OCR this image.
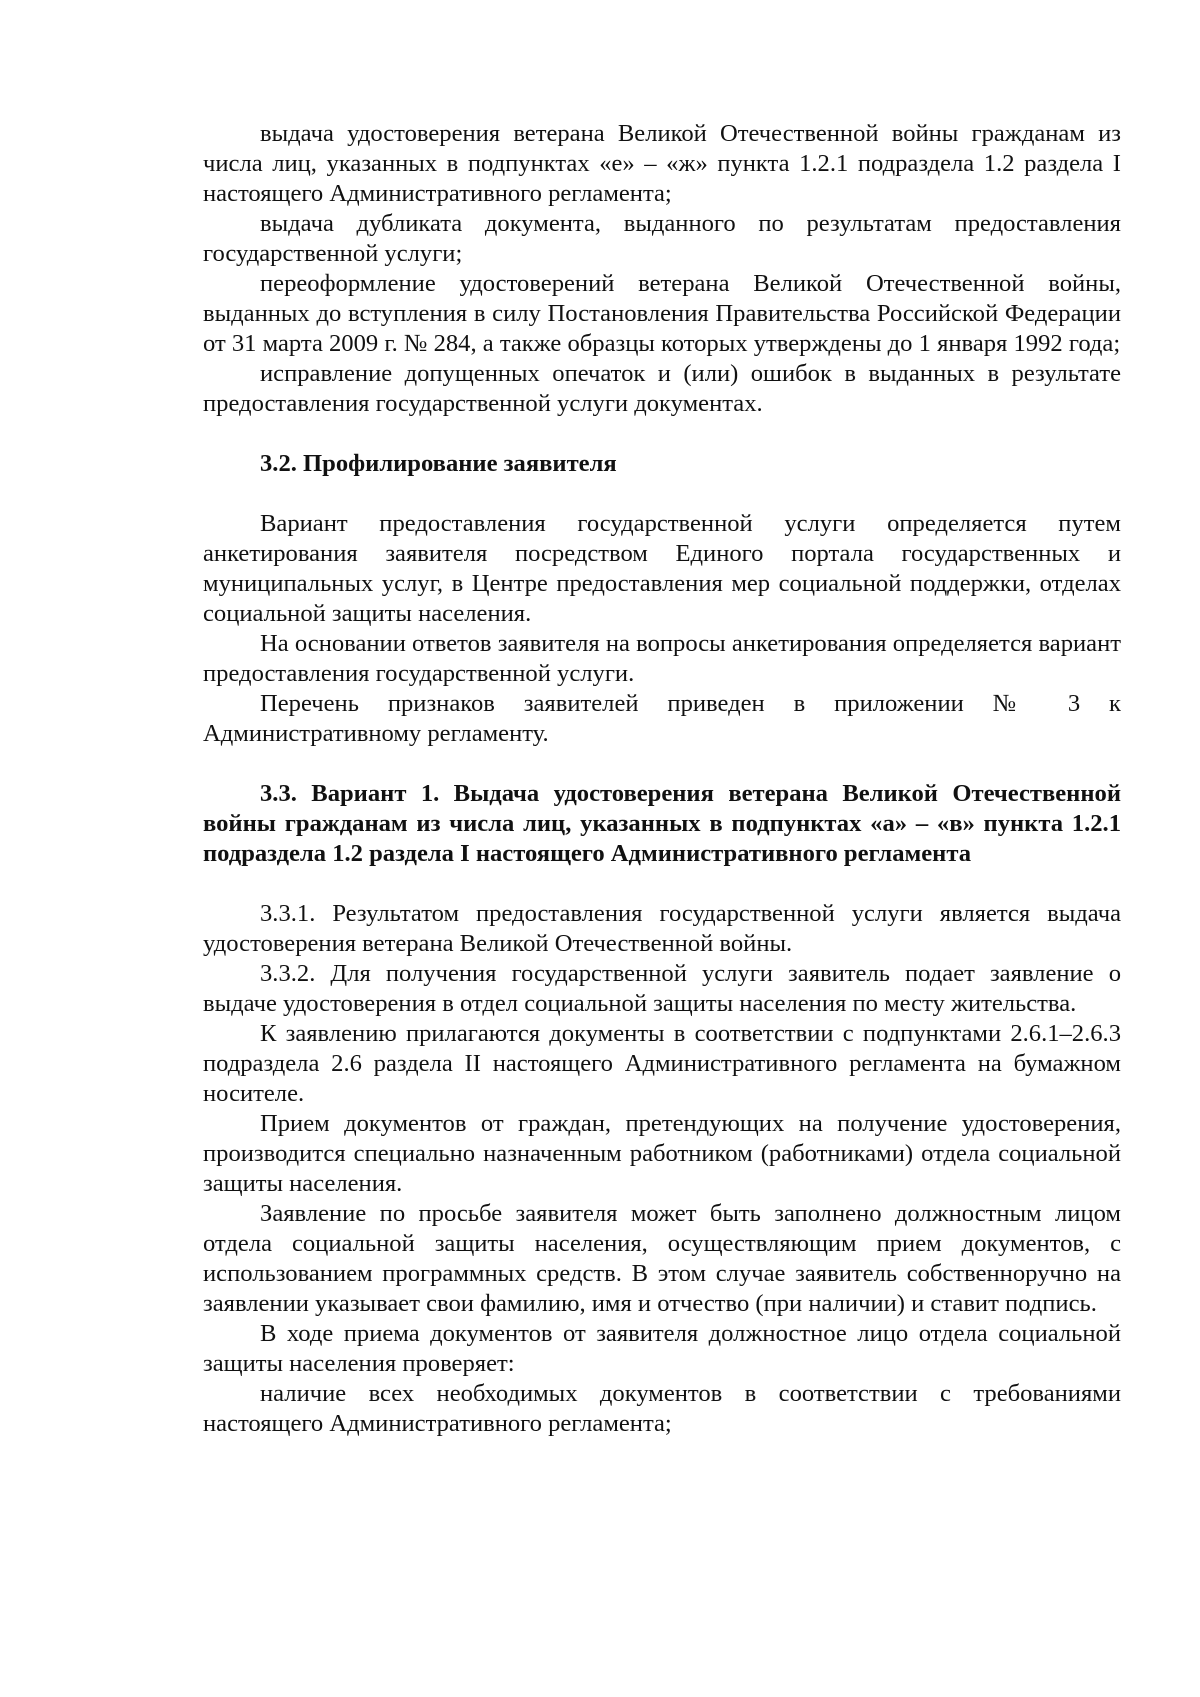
выдача удостоверения ветерана Великой Отечественной войны гражданам из числа лиц, указанных в подпунктах «е» – «ж» пункта 1.2.1 подраздела 1.2 раздела I настоящего Административного регламента;

выдача дубликата документа, выданного по результатам предоставления государственной услуги;

переоформление удостоверений ветерана Великой Отечественной войны, выданных до вступления в силу Постановления Правительства Российской Федерации от 31 марта 2009 г. № 284, а также образцы которых утверждены до 1 января 1992 года;

исправление допущенных опечаток и (или) ошибок в выданных в результате предоставления государственной услуги документах.

3.2. Профилирование заявителя

Вариант предоставления государственной услуги определяется путем анкетирования заявителя посредством Единого портала государственных и муниципальных услуг, в Центре предоставления мер социальной поддержки, отделах социальной защиты населения.

На основании ответов заявителя на вопросы анкетирования определяется вариант предоставления государственной услуги.

Перечень признаков заявителей приведен в приложении № 3 к Административному регламенту.

3.3. Вариант 1. Выдача удостоверения ветерана Великой Отечественной войны гражданам из числа лиц, указанных в подпунктах «а» – «в» пункта 1.2.1 подраздела 1.2 раздела I настоящего Административного регламента

3.3.1. Результатом предоставления государственной услуги является выдача удостоверения ветерана Великой Отечественной войны.

3.3.2. Для получения государственной услуги заявитель подает заявление о выдаче удостоверения в отдел социальной защиты населения по месту жительства.

К заявлению прилагаются документы в соответствии с подпунктами 2.6.1–2.6.3 подраздела 2.6 раздела II настоящего Административного регламента на бумажном носителе.

Прием документов от граждан, претендующих на получение удостоверения, производится специально назначенным работником (работниками) отдела социальной защиты населения.

Заявление по просьбе заявителя может быть заполнено должностным лицом отдела социальной защиты населения, осуществляющим прием документов, с использованием программных средств. В этом случае заявитель собственноручно на заявлении указывает свои фамилию, имя и отчество (при наличии) и ставит подпись.

В ходе приема документов от заявителя должностное лицо отдела социальной защиты населения проверяет:

наличие всех необходимых документов в соответствии с требованиями настоящего Административного регламента;
